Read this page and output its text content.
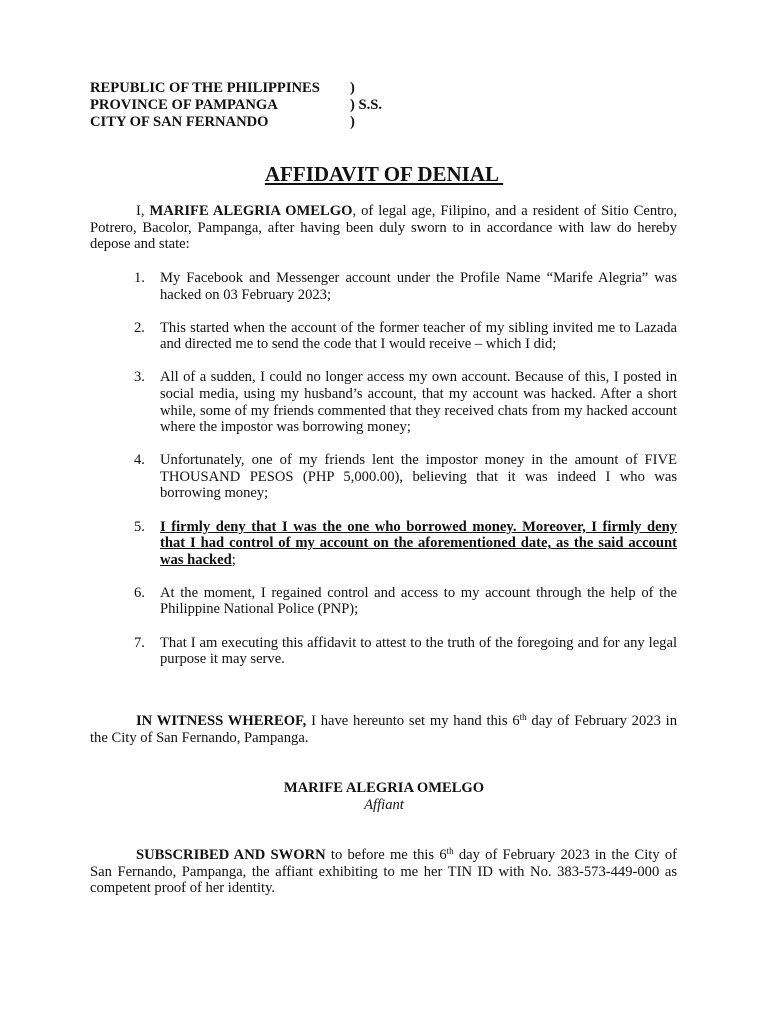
REPUBLIC OF THE PHILIPPINES )
PROVINCE OF PAMPANGA	) S.S.
CITY OF SAN FERNANDO	)
AFFIDAVIT OF DENIAL
I, MARIFE ALEGRIA OMELGO, of legal age, Filipino, and a resident of Sitio Centro, Potrero, Bacolor, Pampanga, after having been duly sworn to in accordance with law do hereby depose and state:
1. My Facebook and Messenger account under the Profile Name “Marife Alegria” was hacked on 03 February 2023;
2. This started when the account of the former teacher of my sibling invited me to Lazada and directed me to send the code that I would receive – which I did;
3. All of a sudden, I could no longer access my own account. Because of this, I posted in social media, using my husband’s account, that my account was hacked. After a short while, some of my friends commented that they received chats from my hacked account where the impostor was borrowing money;
4. Unfortunately, one of my friends lent the impostor money in the amount of FIVE THOUSAND PESOS (PHP 5,000.00), believing that it was indeed I who was borrowing money;
5. I firmly deny that I was the one who borrowed money. Moreover, I firmly deny that I had control of my account on the aforementioned date, as the said account was hacked;
6. At the moment, I regained control and access to my account through the help of the Philippine National Police (PNP);
7. That I am executing this affidavit to attest to the truth of the foregoing and for any legal purpose it may serve.
IN WITNESS WHEREOF, I have hereunto set my hand this 6th day of February 2023 in the City of San Fernando, Pampanga.
MARIFE ALEGRIA OMELGO
Affiant
SUBSCRIBED AND SWORN to before me this 6th day of February 2023 in the City of San Fernando, Pampanga, the affiant exhibiting to me her TIN ID with No. 383-573-449-000 as competent proof of her identity.
